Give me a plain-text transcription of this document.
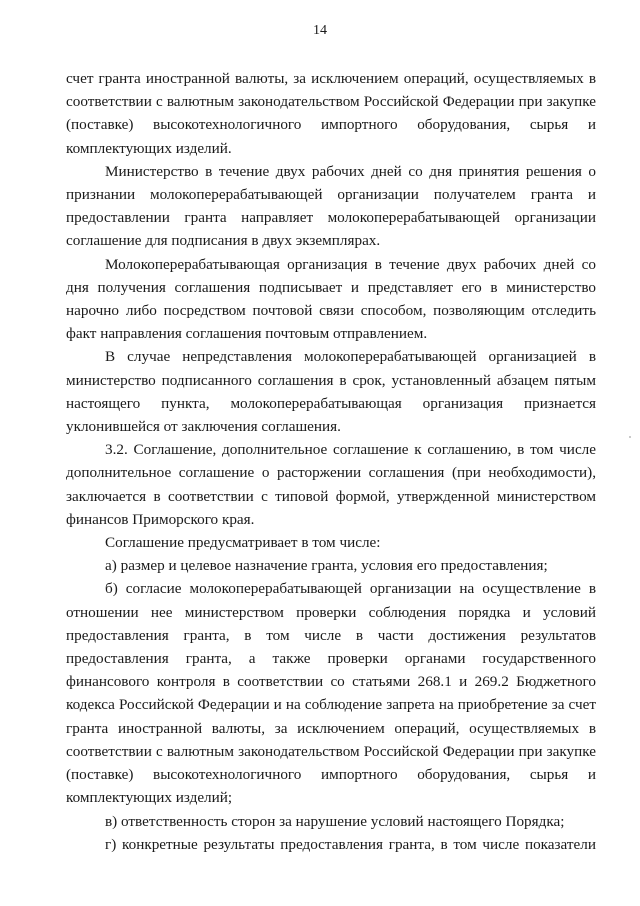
14

счет гранта иностранной валюты, за исключением операций, осуществляемых в соответствии с валютным законодательством Российской Федерации при закупке (поставке) высокотехнологичного импортного оборудования, сырья и комплектующих изделий.

Министерство в течение двух рабочих дней со дня принятия решения о признании молокоперерабатывающей организации получателем гранта и предоставлении гранта направляет молокоперерабатывающей организации соглашение для подписания в двух экземплярах.

Молокоперерабатывающая организация в течение двух рабочих дней со дня получения соглашения подписывает и представляет его в министерство нарочно либо посредством почтовой связи способом, позволяющим отследить факт направления соглашения почтовым отправлением.

В случае непредставления молокоперерабатывающей организацией в министерство подписанного соглашения в срок, установленный абзацем пятым настоящего пункта, молокоперерабатывающая организация признается уклонившейся от заключения соглашения.

3.2. Соглашение, дополнительное соглашение к соглашению, в том числе дополнительное соглашение о расторжении соглашения (при необходимости), заключается в соответствии с типовой формой, утвержденной министерством финансов Приморского края.

Соглашение предусматривает в том числе:

а) размер и целевое назначение гранта, условия его предоставления;

б) согласие молокоперерабатывающей организации на осуществление в отношении нее министерством проверки соблюдения порядка и условий предоставления гранта, в том числе в части достижения результатов предоставления гранта, а также проверки органами государственного финансового контроля в соответствии со статьями 268.1 и 269.2 Бюджетного кодекса Российской Федерации и на соблюдение запрета на приобретение за счет гранта иностранной валюты, за исключением операций, осуществляемых в соответствии с валютным законодательством Российской Федерации при закупке (поставке) высокотехнологичного импортного оборудования, сырья и комплектующих изделий;

в) ответственность сторон за нарушение условий настоящего Порядка;

г) конкретные результаты предоставления гранта, в том числе показатели
